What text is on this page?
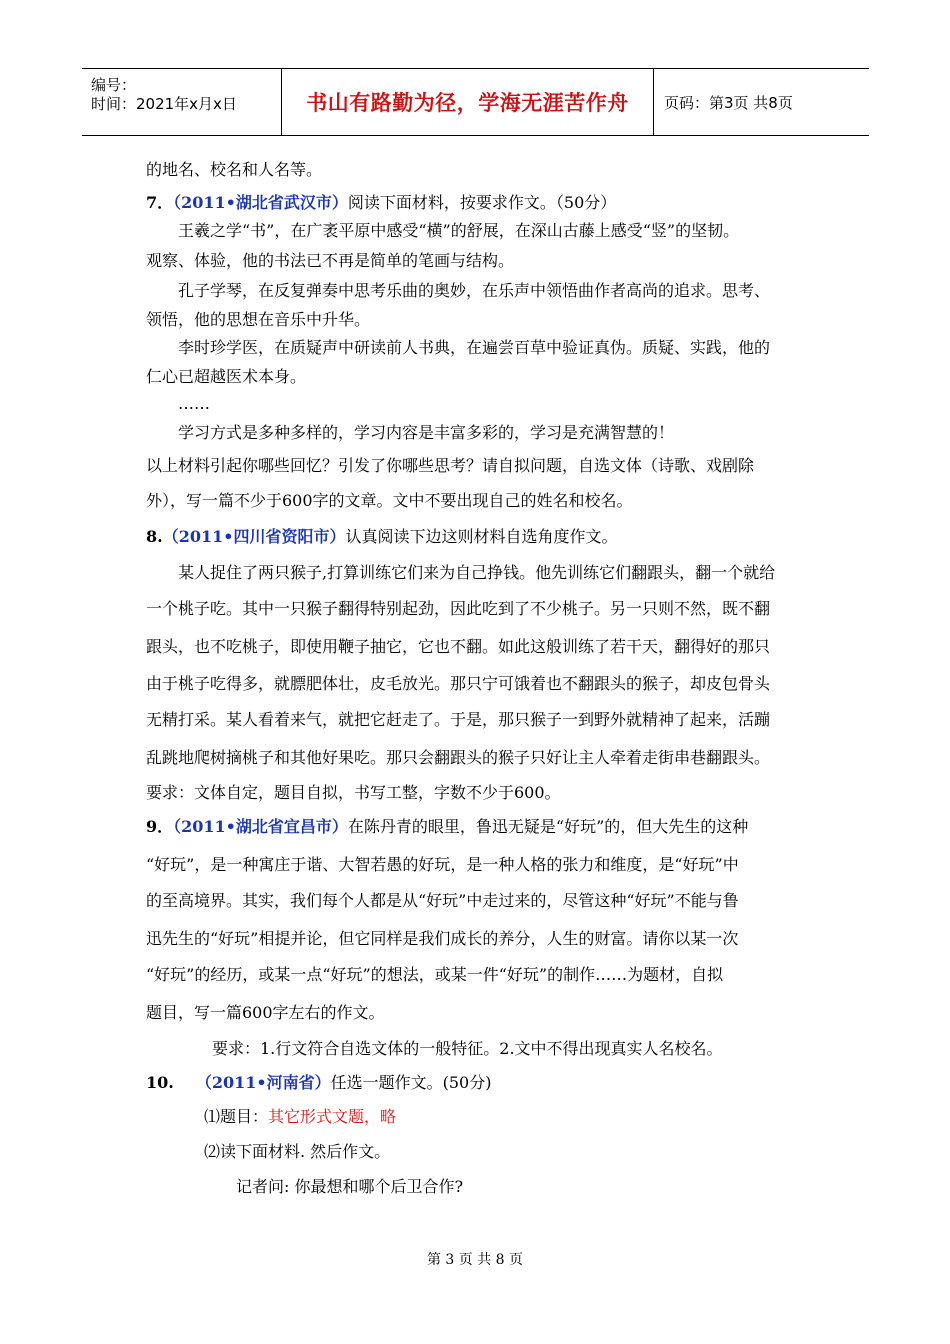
编号：
时间：2021年x月x日	书山有路勤为径，学海无涯苦作舟 页码：第3页 共8页
的地名、校名和人名等。
7．（2011•湖北省武汉市）阅读下面材料，按要求作文。（50分）
王羲之学“书”，在广袤平原中感受“横”的舒展，在深山古藤上感受“竖”的坚韧。
观察、体验，他的书法已不再是简单的笔画与结构。
孔子学琴，在反复弹奏中思考乐曲的奥妙，在乐声中领悟曲作者高尚的追求。思考、
领悟，他的思想在音乐中升华。
李时珍学医，在质疑声中研读前人书典，在遍尝百草中验证真伪。质疑、实践，他的
仁心已超越医术本身。
……
学习方式是多种多样的，学习内容是丰富多彩的，学习是充满智慧的！
以上材料引起你哪些回忆？引发了你哪些思考？请自拟问题，自选文体（诗歌、戏剧除
外），写一篇不少于600字的文章。文中不要出现自己的姓名和校名。
8.（2011•四川省资阳市）认真阅读下边这则材料自选角度作文。
某人捉住了两只猴子,打算训练它们来为自己挣钱。他先训练它们翻跟头，翻一个就给
一个桃子吃。其中一只猴子翻得特别起劲，因此吃到了不少桃子。另一只则不然，既不翻
跟头，也不吃桃子，即使用鞭子抽它，它也不翻。如此这般训练了若干天，翻得好的那只
由于桃子吃得多，就膘肥体壮，皮毛放光。那只宁可饿着也不翻跟头的猴子，却皮包骨头
无精打采。某人看着来气，就把它赶走了。于是，那只猴子一到野外就精神了起来，活蹦
乱跳地爬树摘桃子和其他好果吃。那只会翻跟头的猴子只好让主人牵着走街串巷翻跟头。
要求：文体自定，题目自拟，书写工整，字数不少于600。
9．（2011•湖北省宜昌市）在陈丹青的眼里，鲁迅无疑是“好玩”的，但大先生的这种
“好玩”，是一种寓庄于谐、大智若愚的好玩，是一种人格的张力和维度，是“好玩”中
的至高境界。其实，我们每个人都是从“好玩”中走过来的，尽管这种“好玩”不能与鲁
迅先生的“好玩”相提并论，但它同样是我们成长的养分，人生的财富。请你以某一次
“好玩”的经历，或某一点“好玩”的想法，或某一件“好玩”的制作……为题材，自拟
题目，写一篇600字左右的作文。
要求：1.行文符合自选文体的一般特征。2.文中不得出现真实人名校名。
10. （2011•河南省）任选一题作文。(50分)
⑴题目：其它形式文题，略
⑵读下面材料. 然后作文。
记者问: 你最想和哪个后卫合作?
第 3 页 共 8 页
